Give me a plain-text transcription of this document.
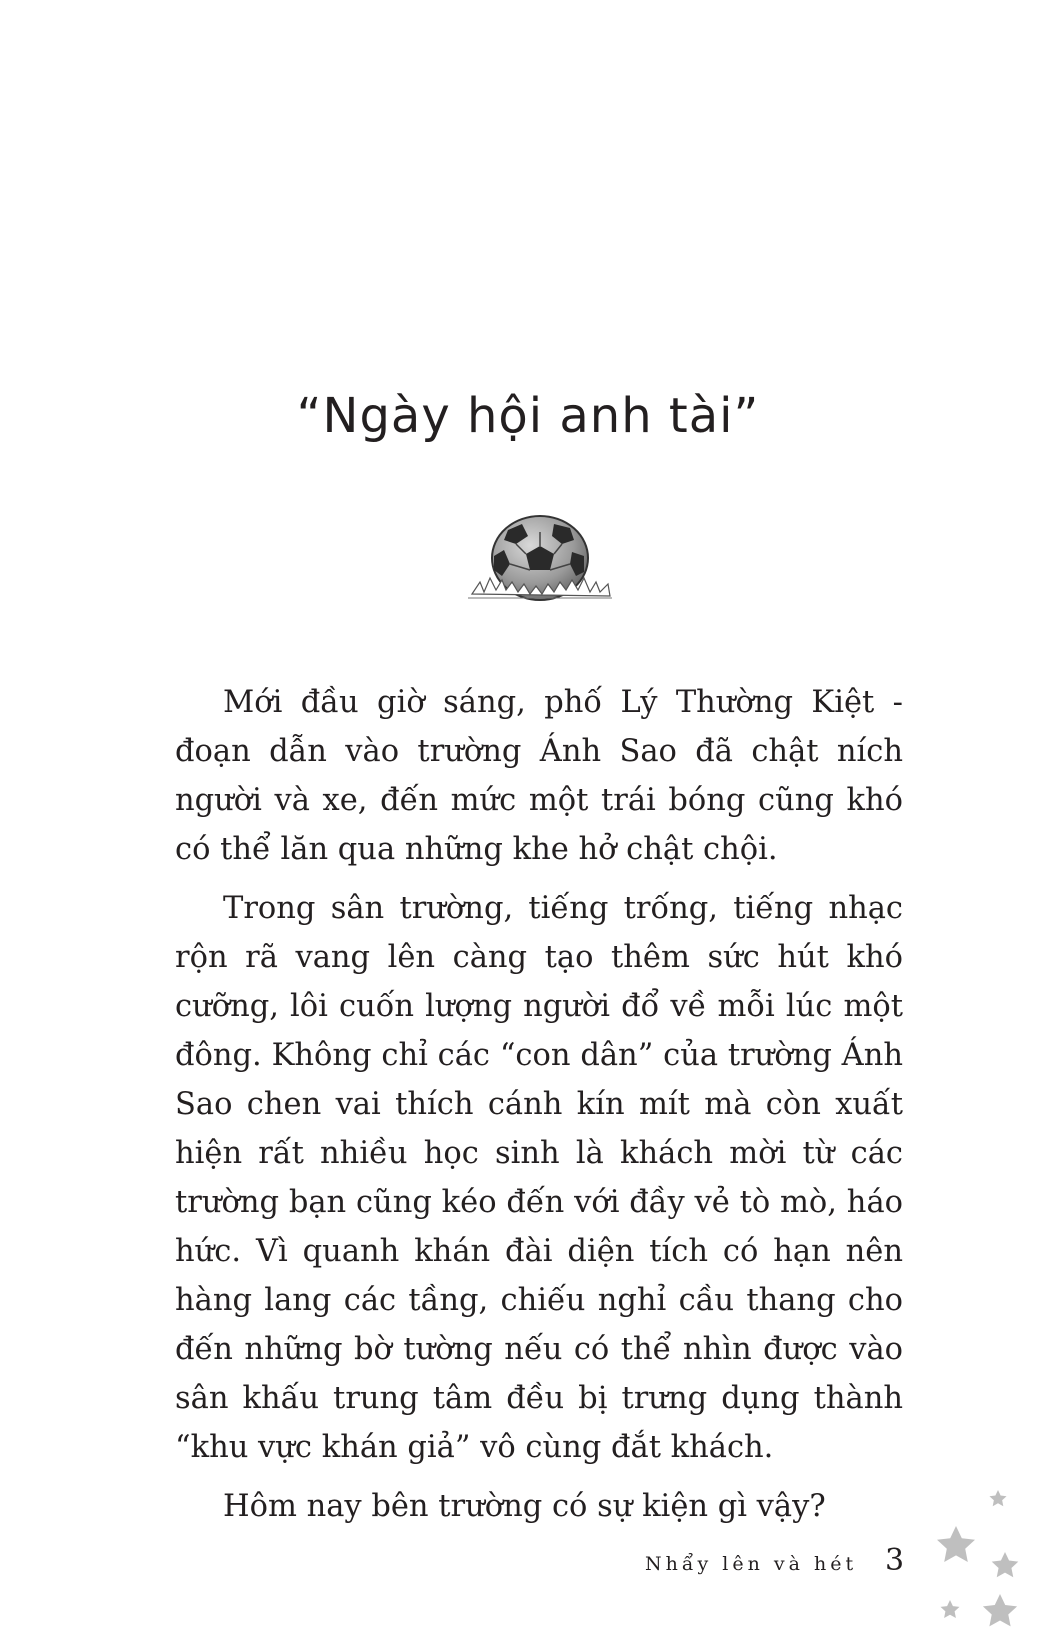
“Ngày hội anh tài”

Mới đầu giờ sáng, phố Lý Thường Kiệt - đoạn dẫn vào trường Ánh Sao đã chật ních người và xe, đến mức một trái bóng cũng khó có thể lăn qua những khe hở chật chội.

Trong sân trường, tiếng trống, tiếng nhạc rộn rã vang lên càng tạo thêm sức hút khó cưỡng, lôi cuốn lượng người đổ về mỗi lúc một đông. Không chỉ các “con dân” của trường Ánh Sao chen vai thích cánh kín mít mà còn xuất hiện rất nhiều học sinh là khách mời từ các trường bạn cũng kéo đến với đầy vẻ tò mò, háo hức. Vì quanh khán đài diện tích có hạn nên hàng lang các tầng, chiếu nghỉ cầu thang cho đến những bờ tường nếu có thể nhìn được vào sân khấu trung tâm đều bị trưng dụng thành “khu vực khán giả” vô cùng đắt khách.

Hôm nay bên trường có sự kiện gì vậy?

Nhẩy lên và hét 3
